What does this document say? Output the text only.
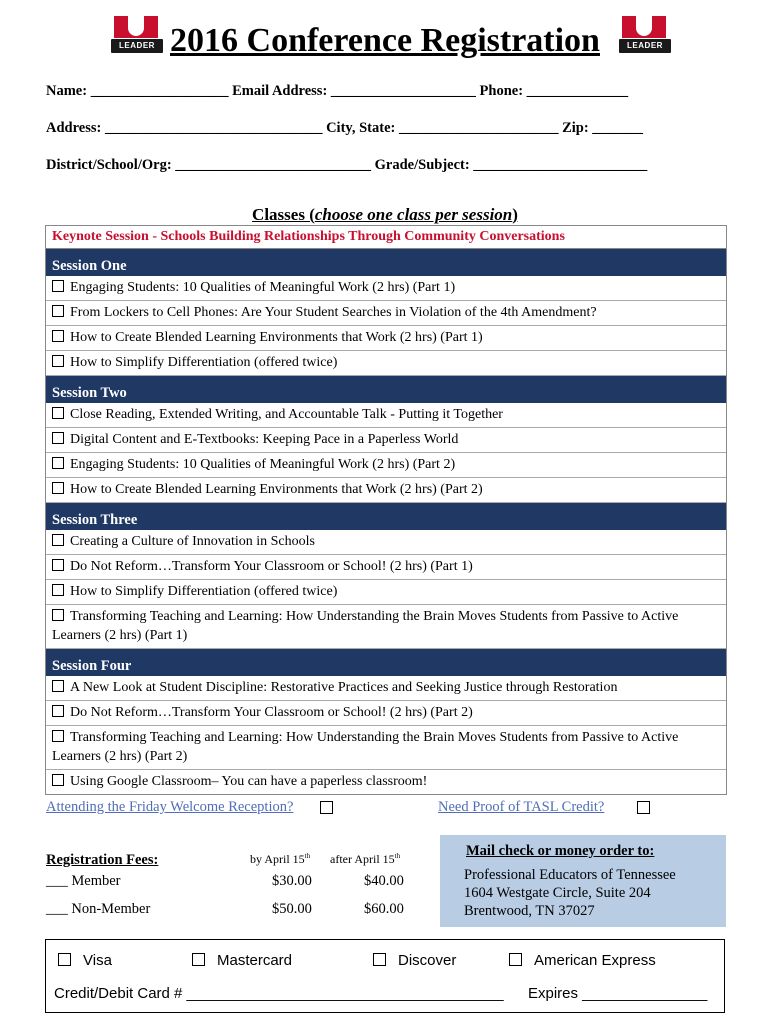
LEADER	LEADER
2016 Conference Registration
Name: ___________________ Email Address: ____________________ Phone: ______________
Address: ______________________________ City, State: ______________________ Zip: _______
District/School/Org: ___________________________ Grade/Subject: ________________________
Classes (choose one class per session)
Keynote Session - Schools Building Relationships Through Community Conversations
Session One
Engaging Students: 10 Qualities of Meaningful Work (2 hrs) (Part 1)
From Lockers to Cell Phones: Are Your Student Searches in Violation of the 4th Amendment?
How to Create Blended Learning Environments that Work (2 hrs) (Part 1)
How to Simplify Differentiation (offered twice)
Session Two
Close Reading, Extended Writing, and Accountable Talk - Putting it Together
Digital Content and E-Textbooks: Keeping Pace in a Paperless World
Engaging Students: 10 Qualities of Meaningful Work (2 hrs) (Part 2)
How to Create Blended Learning Environments that Work (2 hrs) (Part 2)
Session Three
Creating a Culture of Innovation in Schools
Do Not Reform…Transform Your Classroom or School! (2 hrs) (Part 1)
How to Simplify Differentiation (offered twice)
Transforming Teaching and Learning: How Understanding the Brain Moves Students from Passive to Active Learners (2 hrs) (Part 1)
Session Four
A New Look at Student Discipline: Restorative Practices and Seeking Justice through Restoration
Do Not Reform…Transform Your Classroom or School! (2 hrs) (Part 2)
Transforming Teaching and Learning: How Understanding the Brain Moves Students from Passive to Active Learners (2 hrs) (Part 2)
Using Google Classroom– You can have a paperless classroom!
Attending the Friday Welcome Reception?	Need Proof of TASL Credit?
Registration Fees:	by April 15th after April 15th
___ Member	$30.00	$40.00
___ Non-Member	$50.00	$60.00
Mail check or money order to:
Professional Educators of Tennessee
1604 Westgate Circle, Suite 204
Brentwood, TN 37027
Visa	Mastercard	Discover	American Express
Credit/Debit Card # ______________________________________ Expires _______________
